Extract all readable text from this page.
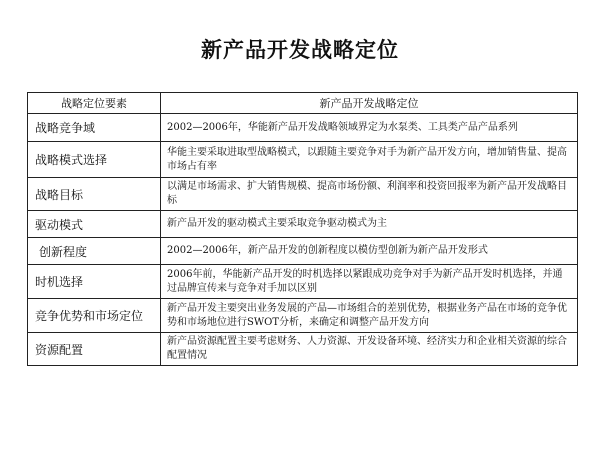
新产品开发战略定位
战略定位要素	新产品开发战略定位
战略竞争域	2002—2006年，华能新产品开发战略领域界定为水泵类、工具类产品产品系列
战略模式选择	华能主要采取进取型战略模式，以跟随主要竞争对手为新产品开发方向，增加销售量、提高市场占有率
战略目标	以满足市场需求、扩大销售规模、提高市场份额、利润率和投资回报率为新产品开发战略目标
驱动模式	新产品开发的驱动模式主要采取竞争驱动模式为主
创新程度	2002—2006年，新产品开发的创新程度以模仿型创新为新产品开发形式
时机选择	2006年前，华能新产品开发的时机选择以紧跟成功竞争对手为新产品开发时机选择，并通过品牌宣传来与竞争对手加以区别
竞争优势和市场定位	新产品开发主要突出业务发展的产品—市场组合的差别优势，根据业务产品在市场的竞争优势和市场地位进行SWOT分析，来确定和调整产品开发方向
资源配置	新产品资源配置主要考虑财务、人力资源、开发设备环境、经济实力和企业相关资源的综合配置情况
